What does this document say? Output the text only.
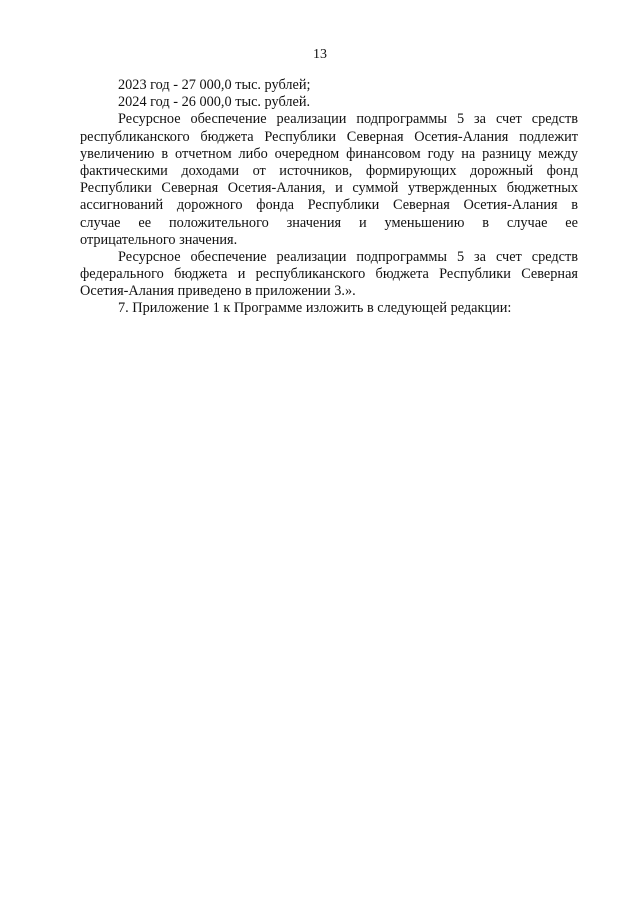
13
2023 год - 27 000,0 тыс. рублей;
2024 год - 26 000,0 тыс. рублей.
Ресурсное обеспечение реализации подпрограммы 5 за счет средств
республиканского бюджета Республики Северная Осетия-Алания подлежит
увеличению в отчетном либо очередном финансовом году на разницу между
фактическими доходами от источников, формирующих дорожный фонд
Республики Северная Осетия-Алания, и суммой утвержденных бюджетных
ассигнований дорожного фонда Республики Северная Осетия-Алания в
случае ее положительного значения и уменьшению в случае ее
отрицательного значения.
Ресурсное обеспечение реализации подпрограммы 5 за счет средств
федерального бюджета и республиканского бюджета Республики Северная
Осетия-Алания приведено в приложении 3.».
7. Приложение 1 к Программе изложить в следующей редакции:
